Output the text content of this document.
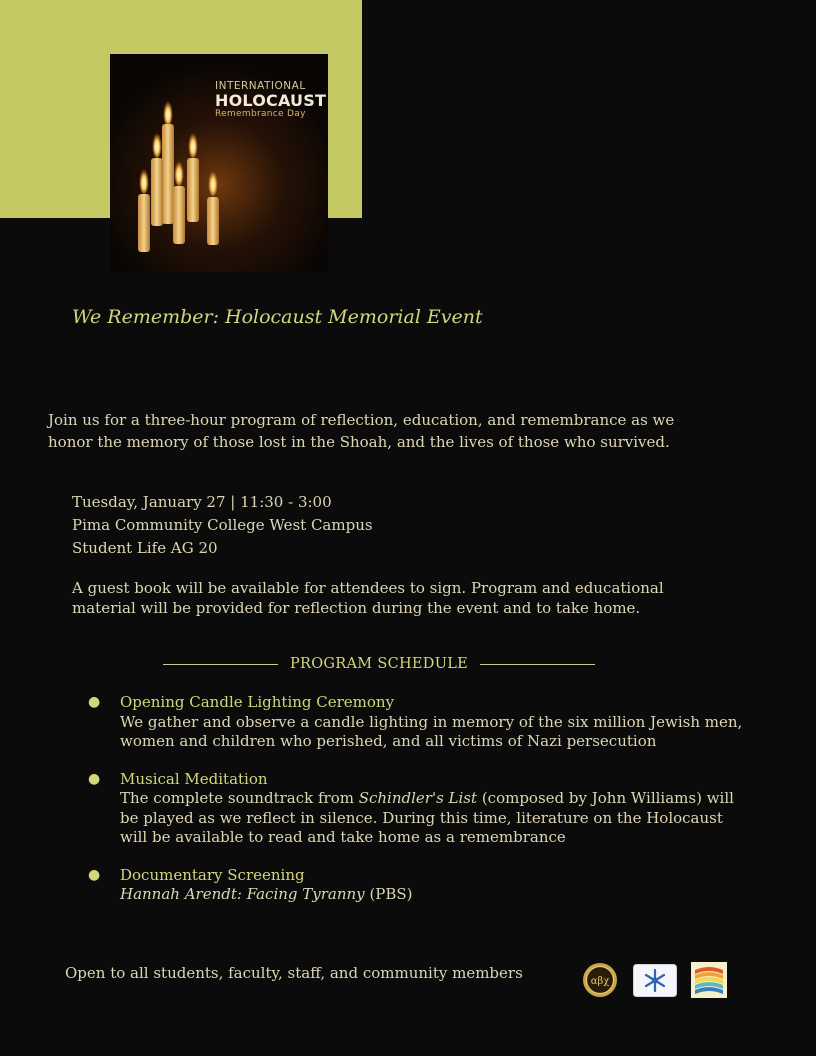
INTERNATIONAL
HOLOCAUST
Remembrance Day
We Remember: Holocaust Memorial Event

Join us for a three-hour program of reflection, education, and remembrance as we honor the memory of those lost in the Shoah, and the lives of those who survived.

Tuesday, January 27 | 11:30 - 3:00
Pima Community College West Campus
Student Life AG 20

A guest book will be available for attendees to sign. Program and educational material will be provided for reflection during the event and to take home.

PROGRAM SCHEDULE
● Opening Candle Lighting Ceremony
We gather and observe a candle lighting in memory of the six million Jewish men, women and children who perished, and all victims of Nazi persecution
● Musical Meditation
The complete soundtrack from Schindler's List (composed by John Williams) will be played as we reflect in silence. During this time, literature on the Holocaust will be available to read and take home as a remembrance
● Documentary Screening
Hannah Arendt: Facing Tyranny (PBS)
Open to all students, faculty, staff, and community members	αβχ
